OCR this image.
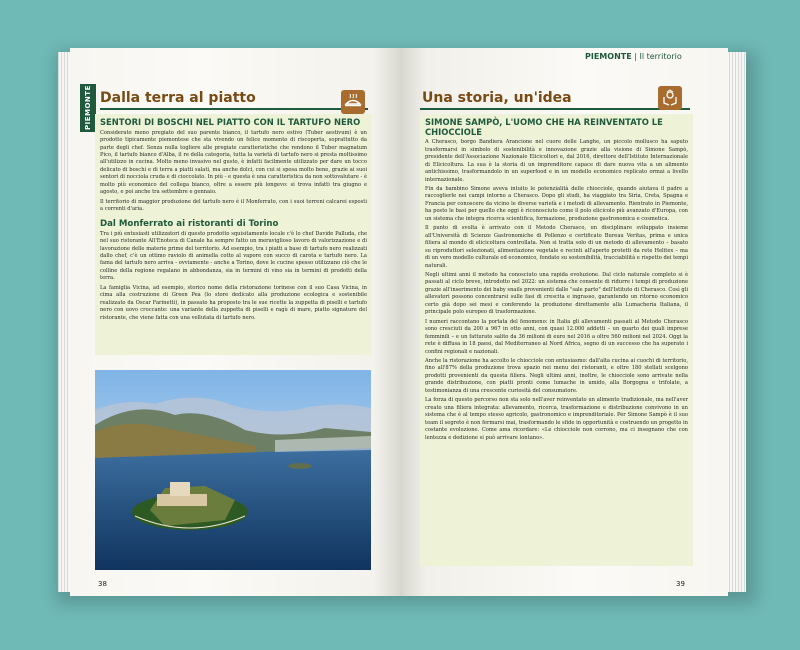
PIEMONTE Dalla terra al piatto
SENTORI DI BOSCHI NEL PIATTO CON IL TARTUFO NERO
Considerato meno pregiato del suo parente bianco, il tartufo nero estivo (Tuber aestivum) è un prodotto tipicamente piemontese che sta vivendo un felice momento di riscoperta, soprattutto da parte degli chef. Senza nulla togliere alle pregiate caratteristiche che rendono il Tuber magnatum Pico, il tartufo bianco d'Alba, il re della categoria, tutta la varietà di tartufo nero si presta moltissimo all'utilizzo in cucina. Molto meno invasivo nel gusto, è infatti facilmente utilizzato per dare un tocco delicato di boschi e di terra a piatti salati, ma anche dolci, con cui si sposa molto bene, grazie ai suoi sentori di nocciola cruda e di cioccolato. In più - e questa è una caratteristica da non sottovalutare - è molto più economico del collega bianco, oltre a essere più longevo: si trova infatti tra giugno e agosto, e poi anche tra settembre e gennaio.
Il territorio di maggior produzione del tartufo nero è il Monferrato, con i suoi terreni calcarei esposti a correnti d'aria.
Dal Monferrato ai ristoranti di Torino
Tra i più entusiasti utilizzatori di questo prodotto squisitamente locale c'è lo chef Davide Palluda, che nel suo ristorante All'Enoteca di Canale ha sempre fatto un meraviglioso lavoro di valorizzazione e di lavorazione delle materie prime del territorio. Ad esempio, tra i piatti a base di tartufo nero realizzati dallo chef, c'è un ottimo raviolo di animella cotto al vapore con succo di carota e tartufo nero. La fama del tartufo nero arriva - ovviamente - anche a Torino, dove le cucine spesso utilizzano ciò che le colline della regione regalano in abbondanza, sia in termini di vino sia in termini di prodotti della terra.
La famiglia Vicina, ad esempio, storico nome della ristorazione torinese con il suo Casa Vicina, in cima alla costruzione di Green Pea (lo store dedicato alla produzione ecologica e sostenibile realizzato da Oscar Farinetti), in passato ha proposto tra le sue ricette la zuppetta di piselli e tartufo nero con uovo croccante: una variante della zuppetta di piselli e ragù di mare, piatto signature del ristorante, che viene fatta con una vellutata di tartufo nero.
38
PIEMONTE | Il territorio
Una storia, un'idea
SIMONE SAMPÒ, L'UOMO CHE HA REINVENTATO LE CHIOCCIOLE
A Cherasco, borgo Bandiera Arancione nel cuore delle Langhe, un piccolo mollusco ha saputo trasformarsi in simbolo di sostenibilità e innovazione grazie alla visione di Simone Sampò, presidente dell'Associazione Nazionale Elicicoltori e, dal 2016, direttore dell'Istituto Internazionale di Elicicoltura. La sua è la storia di un imprenditore capace di dare nuova vita a un alimento antichissimo, trasformandolo in un superfood e in un modello economico replicato ormai a livello internazionale.
Fin da bambino Simone aveva intuito le potenzialità delle chiocciole, quando aiutava il padre a raccoglierle nei campi intorno a Cherasco. Dopo gli studi, ha viaggiato tra Siria, Creta, Spagna e Francia per conoscere da vicino le diverse varietà e i metodi di allevamento. Rientrato in Piemonte, ha posto le basi per quello che oggi è riconosciuto come il polo elicicolo più avanzato d'Europa, con un sistema che integra ricerca scientifica, formazione, produzione gastronomica e cosmetica.
Il punto di svolta è arrivato con il Metodo Cherasco, un disciplinare sviluppato insieme all'Università di Scienze Gastronomiche di Pollenzo e certificato Bureau Veritas, prima e unica filiera al mondo di elicicoltura controllata. Non si tratta solo di un metodo di allevamento – basato su riproduttori selezionati, alimentazione vegetale e recinti all'aperto protetti da rete Helitex – ma di un vero modello culturale ed economico, fondato su sostenibilità, tracciabilità e rispetto dei tempi naturali.
Negli ultimi anni il metodo ha conosciuto una rapida evoluzione. Dal ciclo naturale completo si è passati al ciclo breve, introdotto nel 2022: un sistema che consente di ridurre i tempi di produzione grazie all'inserimento dei baby snails provenienti dalle "sale parto" dell'Istituto di Cherasco. Così gli allevatori possono concentrarsi sulle fasi di crescita e ingrasso, garantendo un ritorno economico certo già dopo sei mesi e conferendo la produzione direttamente alla Lumacheria Italiana, il principale polo europeo di trasformazione.
I numeri raccontano la portata del fenomeno: in Italia gli allevamenti passati al Metodo Cherasco sono cresciuti da 200 a 967 in otto anni, con quasi 12.000 addetti – un quarto dei quali imprese femminili – e un fatturato salito da 36 milioni di euro nel 2016 a oltre 560 milioni nel 2024. Oggi la rete è diffusa in 18 paesi, dal Mediterraneo al Nord Africa, segno di un successo che ha superato i confini regionali e nazionali.
Anche la ristorazione ha accolto le chiocciole con entusiasmo: dall'alta cucina ai cuochi di territorio, fino all'87% della produzione trova spazio nei menu dei ristoranti, e oltre 180 stellati scelgono prodotti provenienti da questa filiera. Negli ultimi anni, inoltre, le chiocciole sono arrivate nella grande distribuzione, con piatti pronti come lumache in umido, alla Borgogna e trifolate, a testimonianza di una crescente curiosità del consumatore.
La forza di questo percorso non sta solo nell'aver reinventato un alimento tradizionale, ma nell'aver creato una filiera integrata: allevamento, ricerca, trasformazione e distribuzione convivono in un sistema che è al tempo stesso agricolo, gastronomico e imprenditoriale. Per Simone Sampò è il suo team il segreto è non fermarsi mai, trasformando le sfide in opportunità e costruendo un progetto in costante evoluzione. Come ama ricordare: «Le chiocciole non corrono, ma ci insegnano che con lentezza e dedizione si può arrivare lontano».
39
